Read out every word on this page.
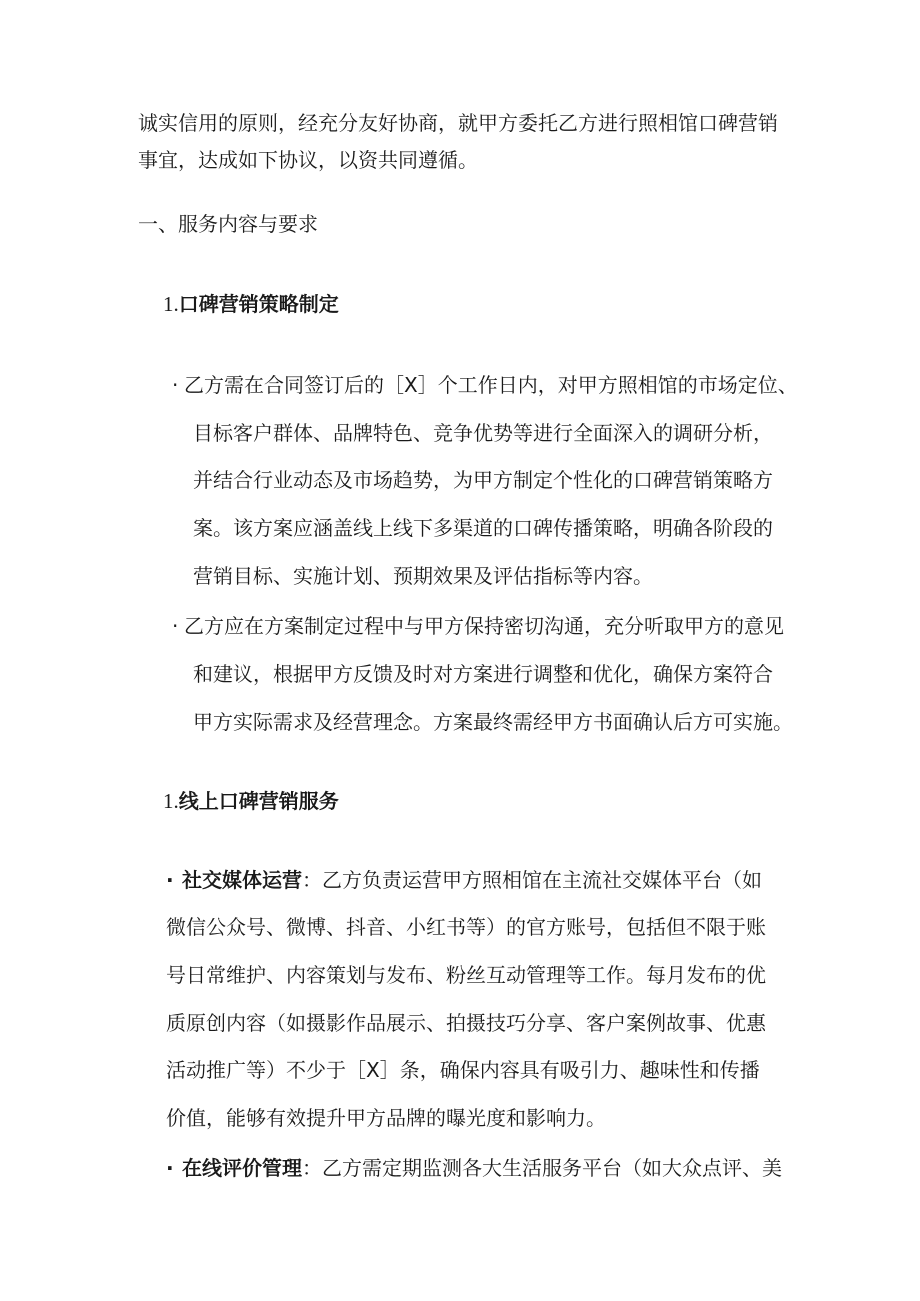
诚实信用的原则，经充分友好协商，就甲方委托乙方进行照相馆口碑营销
事宜，达成如下协议，以资共同遵循。
一、服务内容与要求
1.口碑营销策略制定
· 乙方需在合同签订后的［X］个工作日内，对甲方照相馆的市场定位、
目标客户群体、品牌特色、竞争优势等进行全面深入的调研分析，
并结合行业动态及市场趋势，为甲方制定个性化的口碑营销策略方
案。该方案应涵盖线上线下多渠道的口碑传播策略，明确各阶段的
营销目标、实施计划、预期效果及评估指标等内容。
· 乙方应在方案制定过程中与甲方保持密切沟通，充分听取甲方的意见
和建议，根据甲方反馈及时对方案进行调整和优化，确保方案符合
甲方实际需求及经营理念。方案最终需经甲方书面确认后方可实施。
1.线上口碑营销服务
· 社交媒体运营：乙方负责运营甲方照相馆在主流社交媒体平台（如
微信公众号、微博、抖音、小红书等）的官方账号，包括但不限于账
号日常维护、内容策划与发布、粉丝互动管理等工作。每月发布的优
质原创内容（如摄影作品展示、拍摄技巧分享、客户案例故事、优惠
活动推广等）不少于［X］条，确保内容具有吸引力、趣味性和传播
价值，能够有效提升甲方品牌的曝光度和影响力。
· 在线评价管理：乙方需定期监测各大生活服务平台（如大众点评、美
